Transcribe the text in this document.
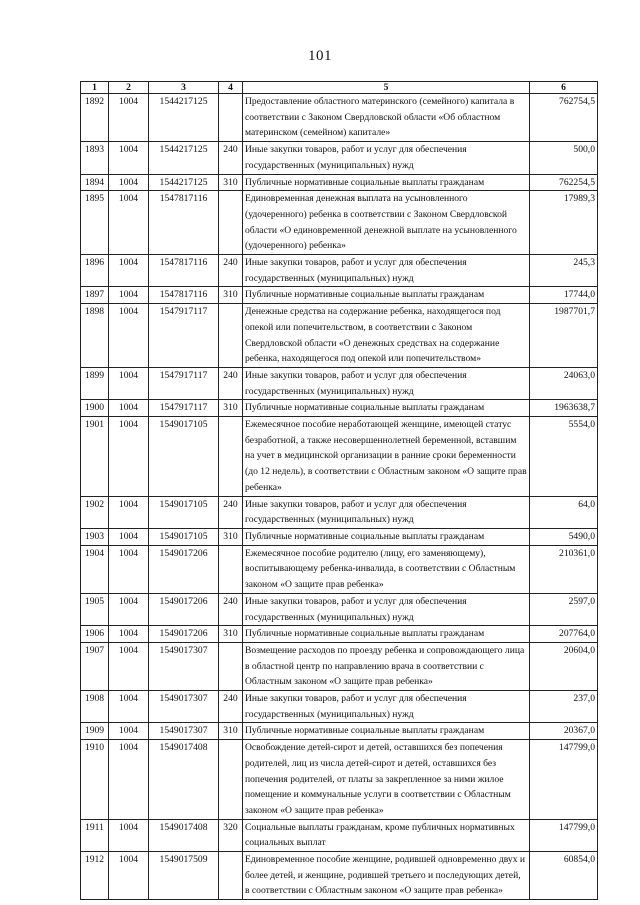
101
1	2	3	4	5	6
1892	1004	1544217125		Предоставление областного материнского (семейного) капитала в соответствии с Законом Свердловской области «Об областном материнском (семейном) капитале»	762754,5
1893	1004	1544217125	240	Иные закупки товаров, работ и услуг для обеспечения государственных (муниципальных) нужд	500,0
1894	1004	1544217125	310	Публичные нормативные социальные выплаты гражданам	762254,5
1895	1004	1547817116		Единовременная денежная выплата на усыновленного (удочеренного) ребенка в соответствии с Законом Свердловской области «О единовременной денежной выплате на усыновленного (удочеренного) ребенка»	17989,3
1896	1004	1547817116	240	Иные закупки товаров, работ и услуг для обеспечения государственных (муниципальных) нужд	245,3
1897	1004	1547817116	310	Публичные нормативные социальные выплаты гражданам	17744,0
1898	1004	1547917117		Денежные средства на содержание ребенка, находящегося под опекой или попечительством, в соответствии с Законом Свердловской области «О денежных средствах на содержание ребенка, находящегося под опекой или попечительством»	1987701,7
1899	1004	1547917117	240	Иные закупки товаров, работ и услуг для обеспечения государственных (муниципальных) нужд	24063,0
1900	1004	1547917117	310	Публичные нормативные социальные выплаты гражданам	1963638,7
1901	1004	1549017105		Ежемесячное пособие неработающей женщине, имеющей статус безработной, а также несовершеннолетней беременной, вставшим на учет в медицинской организации в ранние сроки беременности (до 12 недель), в соответствии с Областным законом «О защите прав ребенка»	5554,0
1902	1004	1549017105	240	Иные закупки товаров, работ и услуг для обеспечения государственных (муниципальных) нужд	64,0
1903	1004	1549017105	310	Публичные нормативные социальные выплаты гражданам	5490,0
1904	1004	1549017206		Ежемесячное пособие родителю (лицу, его заменяющему), воспитывающему ребенка-инвалида, в соответствии с Областным законом «О защите прав ребенка»	210361,0
1905	1004	1549017206	240	Иные закупки товаров, работ и услуг для обеспечения государственных (муниципальных) нужд	2597,0
1906	1004	1549017206	310	Публичные нормативные социальные выплаты гражданам	207764,0
1907	1004	1549017307		Возмещение расходов по проезду ребенка и сопровождающего лица в областной центр по направлению врача в соответствии с Областным законом «О защите прав ребенка»	20604,0
1908	1004	1549017307	240	Иные закупки товаров, работ и услуг для обеспечения государственных (муниципальных) нужд	237,0
1909	1004	1549017307	310	Публичные нормативные социальные выплаты гражданам	20367,0
1910	1004	1549017408		Освобождение детей-сирот и детей, оставшихся без попечения родителей, лиц из числа детей-сирот и детей, оставшихся без попечения родителей, от платы за закрепленное за ними жилое помещение и коммунальные услуги в соответствии с Областным законом «О защите прав ребенка»	147799,0
1911	1004	1549017408	320	Социальные выплаты гражданам, кроме публичных нормативных социальных выплат	147799,0
1912	1004	1549017509		Единовременное пособие женщине, родившей одновременно двух и более детей, и женщине, родившей третьего и последующих детей, в соответствии с Областным законом «О защите прав ребенка»	60854,0
